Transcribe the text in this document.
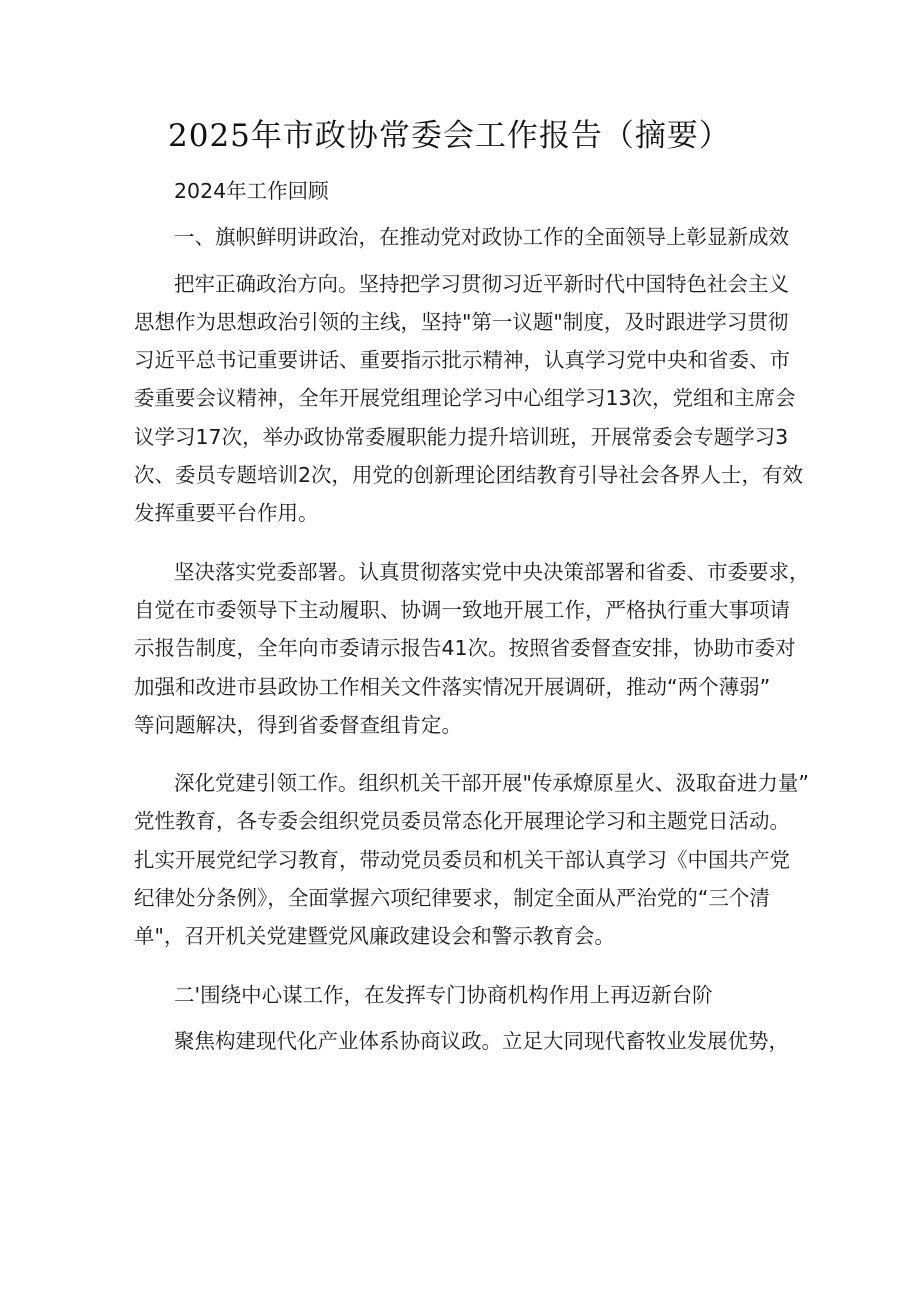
2025年市政协常委会工作报告（摘要）

2024年工作回顾

一、旗帜鲜明讲政治，在推动党对政协工作的全面领导上彰显新成效

把牢正确政治方向。坚持把学习贯彻习近平新时代中国特色社会主义

思想作为思想政治引领的主线，坚持"第一议题"制度，及时跟进学习贯彻

习近平总书记重要讲话、重要指示批示精神，认真学习党中央和省委、市

委重要会议精神，全年开展党组理论学习中心组学习13次，党组和主席会

议学习17次，举办政协常委履职能力提升培训班，开展常委会专题学习3

次、委员专题培训2次，用党的创新理论团结教育引导社会各界人士，有效

发挥重要平台作用。

坚决落实党委部署。认真贯彻落实党中央决策部署和省委、市委要求，

自觉在市委领导下主动履职、协调一致地开展工作，严格执行重大事项请

示报告制度，全年向市委请示报告41次。按照省委督查安排，协助市委对

加强和改进市县政协工作相关文件落实情况开展调研，推动“两个薄弱”

等问题解决，得到省委督查组肯定。

深化党建引领工作。组织机关干部开展"传承燎原星火、汲取奋进力量”

党性教育，各专委会组织党员委员常态化开展理论学习和主题党日活动。

扎实开展党纪学习教育，带动党员委员和机关干部认真学习《中国共产党

纪律处分条例》，全面掌握六项纪律要求，制定全面从严治党的“三个清

单"，召开机关党建暨党风廉政建设会和警示教育会。

二'围绕中心谋工作，在发挥专门协商机构作用上再迈新台阶

聚焦构建现代化产业体系协商议政。立足大同现代畜牧业发展优势，
